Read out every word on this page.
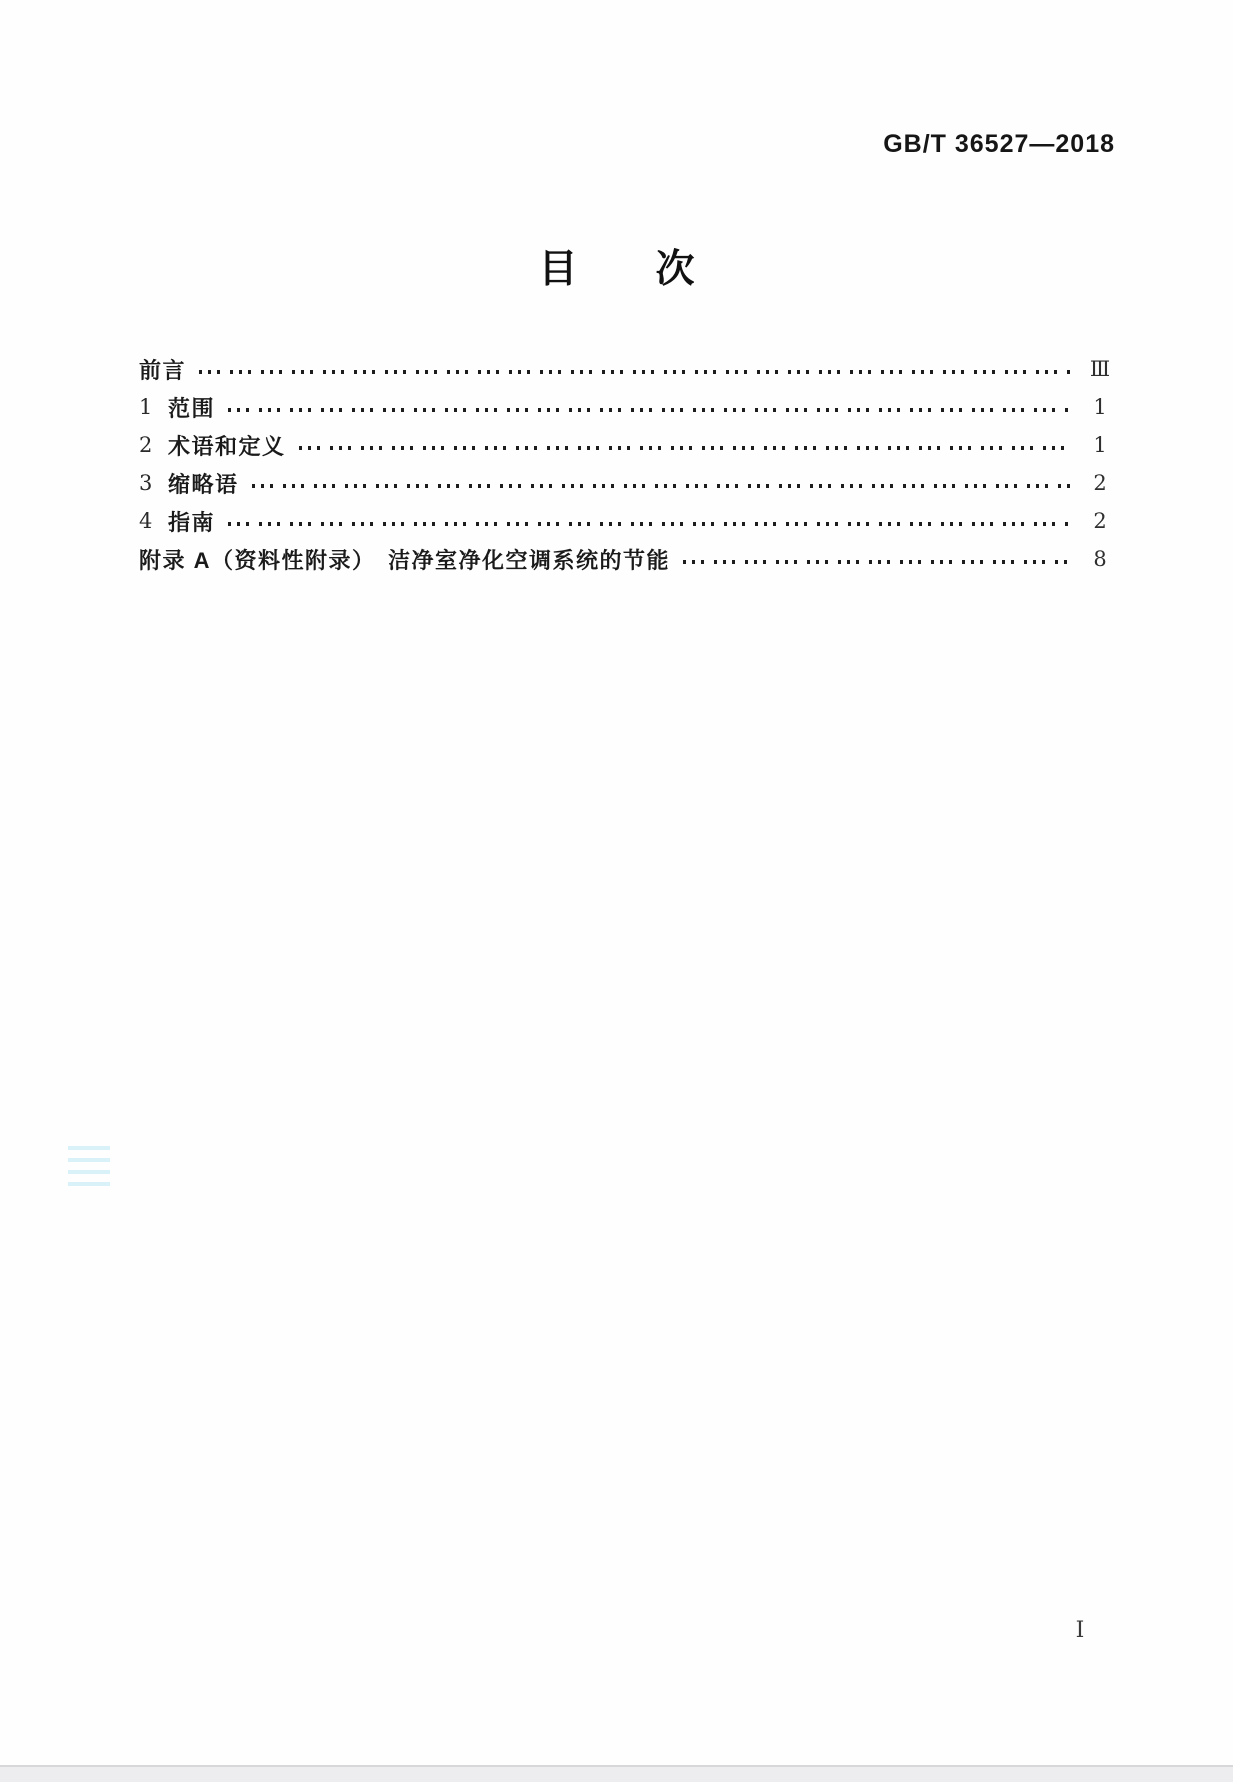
GB/T 36527—2018
目　　次
前言	Ⅲ
1 范围	1
2 术语和定义	1
3 缩略语	2
4 指南	2
附录 A（资料性附录）　洁净室净化空调系统的节能	8
Ⅰ
